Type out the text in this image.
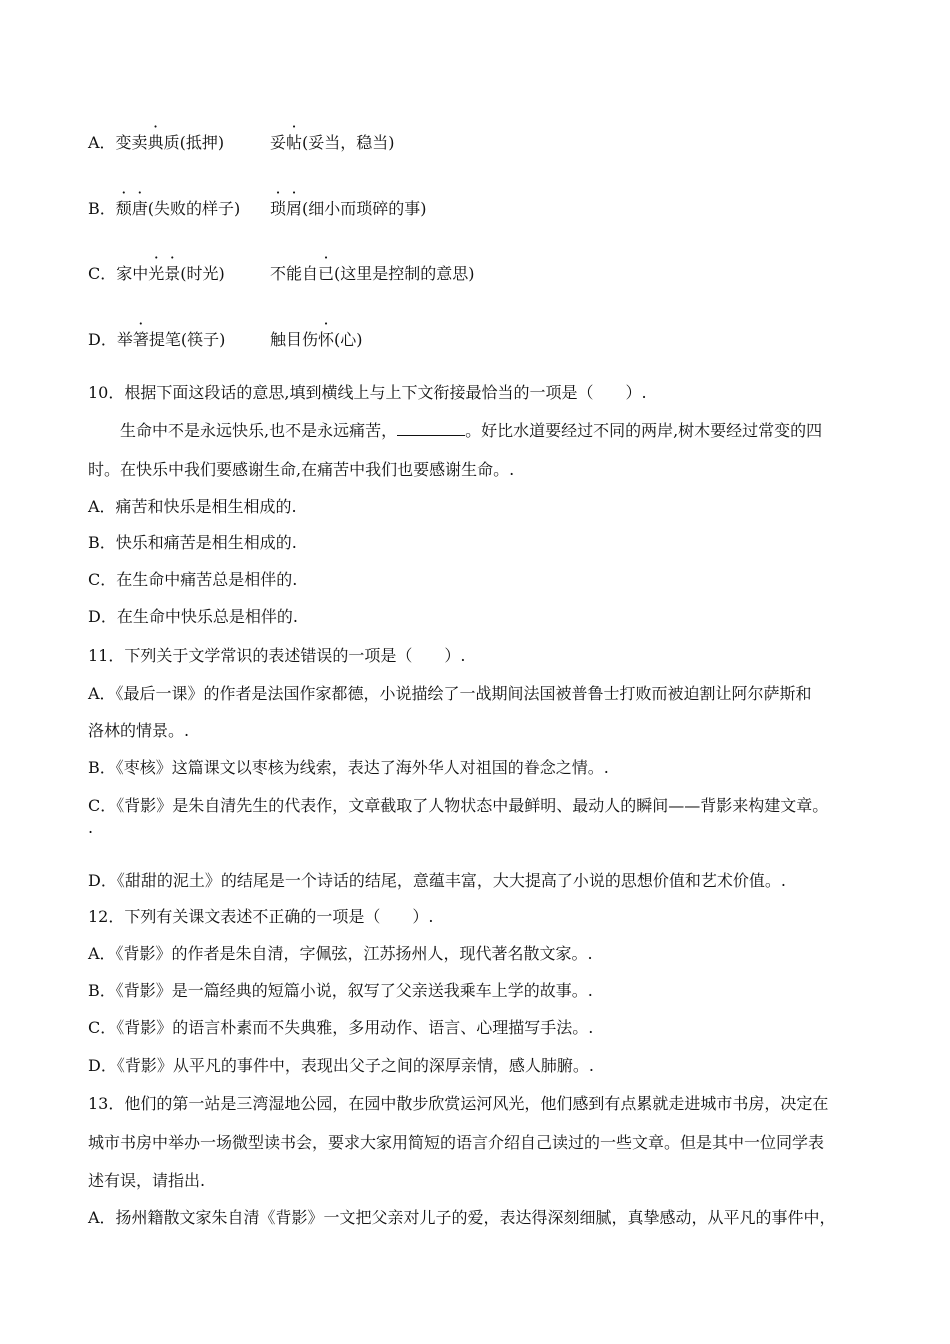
A．变卖典质(抵押)	妥帖(妥当，稳当)
B．颓唐(失败的样子) 琐屑(细小而琐碎的事)
C．家中光景(时光)	不能自已(这里是控制的意思)
D．举箸提笔(筷子)	触目伤怀(心)
10．根据下面这段话的意思,填到横线上与上下文衔接最恰当的一项是（　　）.
生命中不是永远快乐,也不是永远痛苦，	。好比水道要经过不同的两岸,树木要经过常变的四
时。在快乐中我们要感谢生命,在痛苦中我们也要感谢生命。.
A．痛苦和快乐是相生相成的.
B．快乐和痛苦是相生相成的.
C．在生命中痛苦总是相伴的.
D．在生命中快乐总是相伴的.
11．下列关于文学常识的表述错误的一项是（　　）.
A．《最后一课》的作者是法国作家都德，小说描绘了一战期间法国被普鲁士打败而被迫割让阿尔萨斯和
洛林的情景。.
B．《枣核》这篇课文以枣核为线索，表达了海外华人对祖国的眷念之情。.
C．《背影》是朱自清先生的代表作，文章截取了人物状态中最鲜明、最动人的瞬间——背影来构建文章。
.
D．《甜甜的泥土》的结尾是一个诗话的结尾，意蕴丰富，大大提高了小说的思想价值和艺术价值。.
12．下列有关课文表述不正确的一项是（　　）.
A．《背影》的作者是朱自清，字佩弦，江苏扬州人，现代著名散文家。.
B．《背影》是一篇经典的短篇小说，叙写了父亲送我乘车上学的故事。.
C．《背影》的语言朴素而不失典雅，多用动作、语言、心理描写手法。.
D．《背影》从平凡的事件中，表现出父子之间的深厚亲情，感人肺腑。.
13．他们的第一站是三湾湿地公园，在园中散步欣赏运河风光，他们感到有点累就走进城市书房，决定在
城市书房中举办一场微型读书会，要求大家用简短的语言介绍自己读过的一些文章。但是其中一位同学表
述有误，请指出.
A．扬州籍散文家朱自清《背影》一文把父亲对儿子的爱，表达得深刻细腻，真挚感动，从平凡的事件中，
